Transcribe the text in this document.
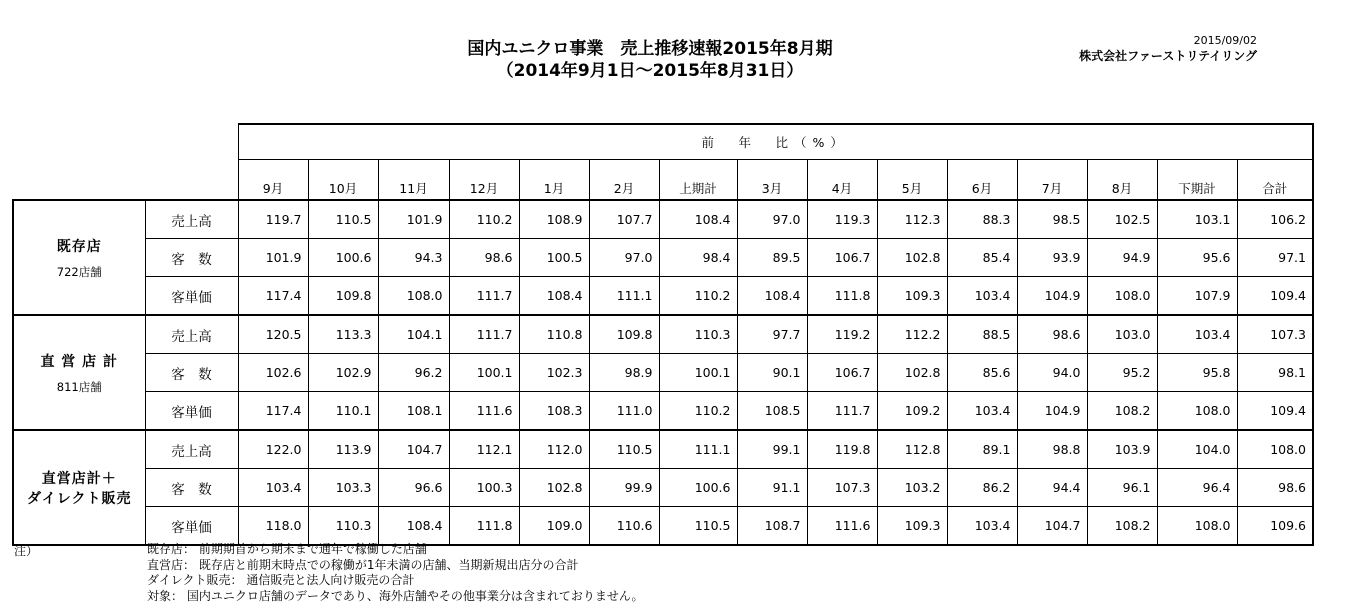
国内ユニクロ事業　売上推移速報2015年8月期
（2014年9月1日～2015年8月31日）
2015/09/02
株式会社ファーストリテイリング
		前　年　比（%）														
		9月	10月	11月	12月	1月	2月	上期計	3月	4月	5月	6月	7月	8月	下期計	合計

既存店
722店舗	売上高	119.7	110.5	101.9	110.2	108.9	107.7	108.4	97.0	119.3	112.3	88.3	98.5	102.5	103.1	106.2
	客　数	101.9	100.6	94.3	98.6	100.5	97.0	98.4	89.5	106.7	102.8	85.4	93.9	94.9	95.6	97.1
	客単価	117.4	109.8	108.0	111.7	108.4	111.1	110.2	108.4	111.8	109.3	103.4	104.9	108.0	107.9	109.4

直 営 店 計
811店舗	売上高	120.5	113.3	104.1	111.7	110.8	109.8	110.3	97.7	119.2	112.2	88.5	98.6	103.0	103.4	107.3
	客　数	102.6	102.9	96.2	100.1	102.3	98.9	100.1	90.1	106.7	102.8	85.6	94.0	95.2	95.8	98.1
	客単価	117.4	110.1	108.1	111.6	108.3	111.0	110.2	108.5	111.7	109.2	103.4	104.9	108.2	108.0	109.4

直営店計＋
ダイレクト販売	売上高	122.0	113.9	104.7	112.1	112.0	110.5	111.1	99.1	119.8	112.8	89.1	98.8	103.9	104.0	108.0
	客　数	103.4	103.3	96.6	100.3	102.8	99.9	100.6	91.1	107.3	103.2	86.2	94.4	96.1	96.4	98.6
	客単価	118.0	110.3	108.4	111.8	109.0	110.6	110.5	108.7	111.6	109.3	103.4	104.7	108.2	108.0	109.6
注）	既存店： 前期期首から期末まで通年で稼働した店舗
直営店： 既存店と前期末時点での稼働が1年未満の店舗、当期新規出店分の合計
ダイレクト販売： 通信販売と法人向け販売の合計
対象： 国内ユニクロ店舗のデータであり、海外店舗やその他事業分は含まれておりません。
